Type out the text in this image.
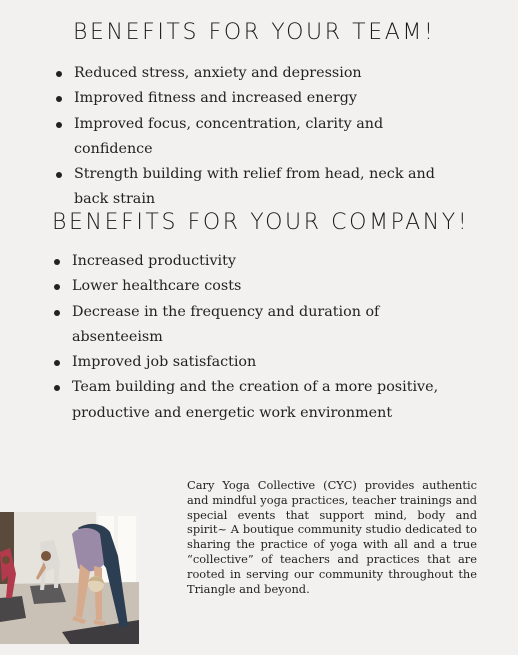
BENEFITS FOR YOUR TEAM!
Reduced stress, anxiety and depression
Improved fitness and increased energy
Improved focus, concentration, clarity and confidence
Strength building with relief from head, neck and back strain
BENEFITS FOR YOUR COMPANY!
Increased productivity
Lower healthcare costs
Decrease in the frequency and duration of absenteeism
Improved job satisfaction
Team building and the creation of a more positive, productive and energetic work environment

Cary Yoga Collective (CYC) provides authentic and mindful yoga practices, teacher trainings and special events that support mind, body and spirit~ A boutique community studio dedicated to sharing the practice of yoga with all and a true “collective” of teachers and practices that are rooted in serving our community throughout the Triangle and beyond.
